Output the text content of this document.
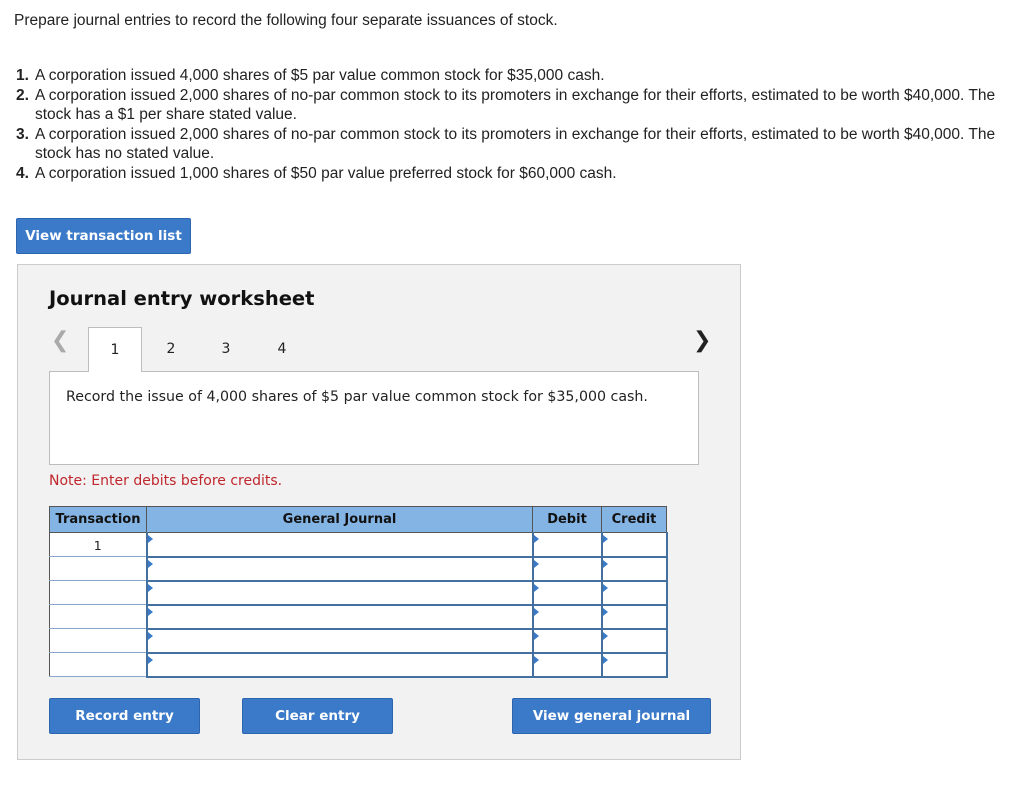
Prepare journal entries to record the following four separate issuances of stock.
1. A corporation issued 4,000 shares of $5 par value common stock for $35,000 cash.
2. A corporation issued 2,000 shares of no-par common stock to its promoters in exchange for their efforts, estimated to be worth $40,000. The stock has a $1 per share stated value.
3. A corporation issued 2,000 shares of no-par common stock to its promoters in exchange for their efforts, estimated to be worth $40,000. The stock has no stated value.
4. A corporation issued 1,000 shares of $50 par value preferred stock for $60,000 cash.
View transaction list
Journal entry worksheet
❮	❯
1	2	3	4
Record the issue of 4,000 shares of $5 par value common stock for $35,000 cash.
Note: Enter debits before credits.
Transaction	General Journal	Debit	Credit
1			

Record entry	Clear entry	View general journal
